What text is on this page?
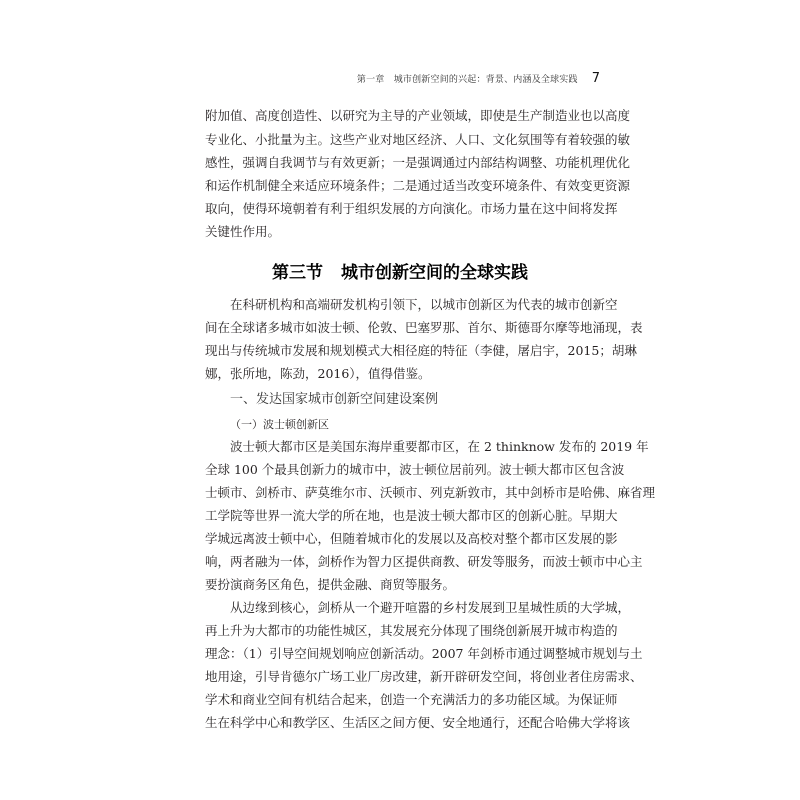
第一章　城市创新空间的兴起：背景、内涵及全球实践 7
附加值、高度创造性、以研究为主导的产业领域，即使是生产制造业也以高度
专业化、小批量为主。这些产业对地区经济、人口、文化氛围等有着较强的敏
感性，强调自我调节与有效更新；一是强调通过内部结构调整、功能机理优化
和运作机制健全来适应环境条件；二是通过适当改变环境条件、有效变更资源
取向，使得环境朝着有利于组织发展的方向演化。市场力量在这中间将发挥
关键性作用。
第三节 城市创新空间的全球实践
在科研机构和高端研发机构引领下，以城市创新区为代表的城市创新空
间在全球诸多城市如波士顿、伦敦、巴塞罗那、首尔、斯德哥尔摩等地涌现，表
现出与传统城市发展和规划模式大相径庭的特征（李健，屠启宇，2015；胡琳
娜，张所地，陈劲，2016），值得借鉴。
一、发达国家城市创新空间建设案例
（一）波士顿创新区
波士顿大都市区是美国东海岸重要都市区，在 2 thinknow 发布的 2019 年
全球 100 个最具创新力的城市中，波士顿位居前列。波士顿大都市区包含波
士顿市、剑桥市、萨莫维尔市、沃顿市、列克新敦市，其中剑桥市是哈佛、麻省理
工学院等世界一流大学的所在地，也是波士顿大都市区的创新心脏。早期大
学城远离波士顿中心，但随着城市化的发展以及高校对整个都市区发展的影
响，两者融为一体，剑桥作为智力区提供商教、研发等服务，而波士顿市中心主
要扮演商务区角色，提供金融、商贸等服务。
从边缘到核心，剑桥从一个避开喧嚣的乡村发展到卫星城性质的大学城，
再上升为大都市的功能性城区，其发展充分体现了围绕创新展开城市构造的
理念：（1）引导空间规划响应创新活动。2007 年剑桥市通过调整城市规划与土
地用途，引导肯德尔广场工业厂房改建，新开辟研发空间，将创业者住房需求、
学术和商业空间有机结合起来，创造一个充满活力的多功能区域。为保证师
生在科学中心和教学区、生活区之间方便、安全地通行，还配合哈佛大学将该
